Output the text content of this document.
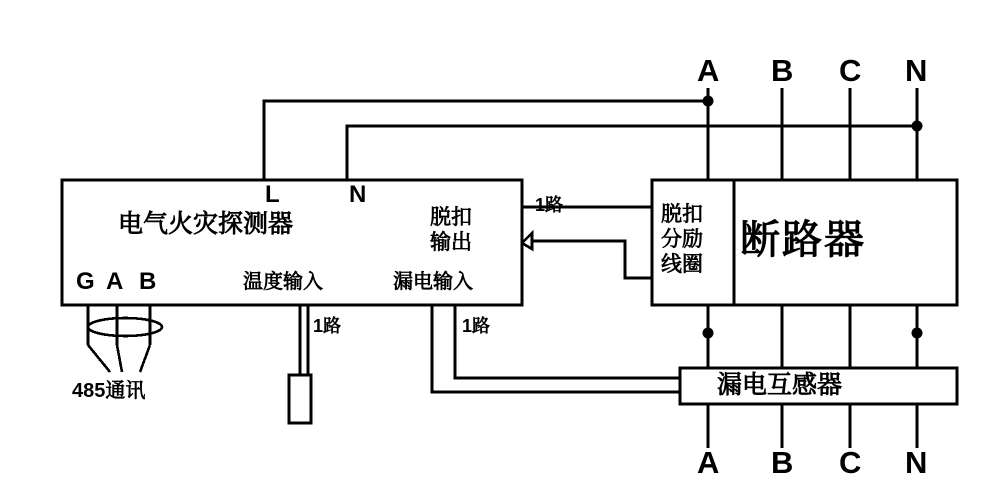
A B C N
A B C N
L	N
电气火灾探测器
G A B	温度输入	漏电输入
脱扣
输出
1路
1路	1路
485通讯
脱扣
分励
线圈
断路器
漏电互感器
